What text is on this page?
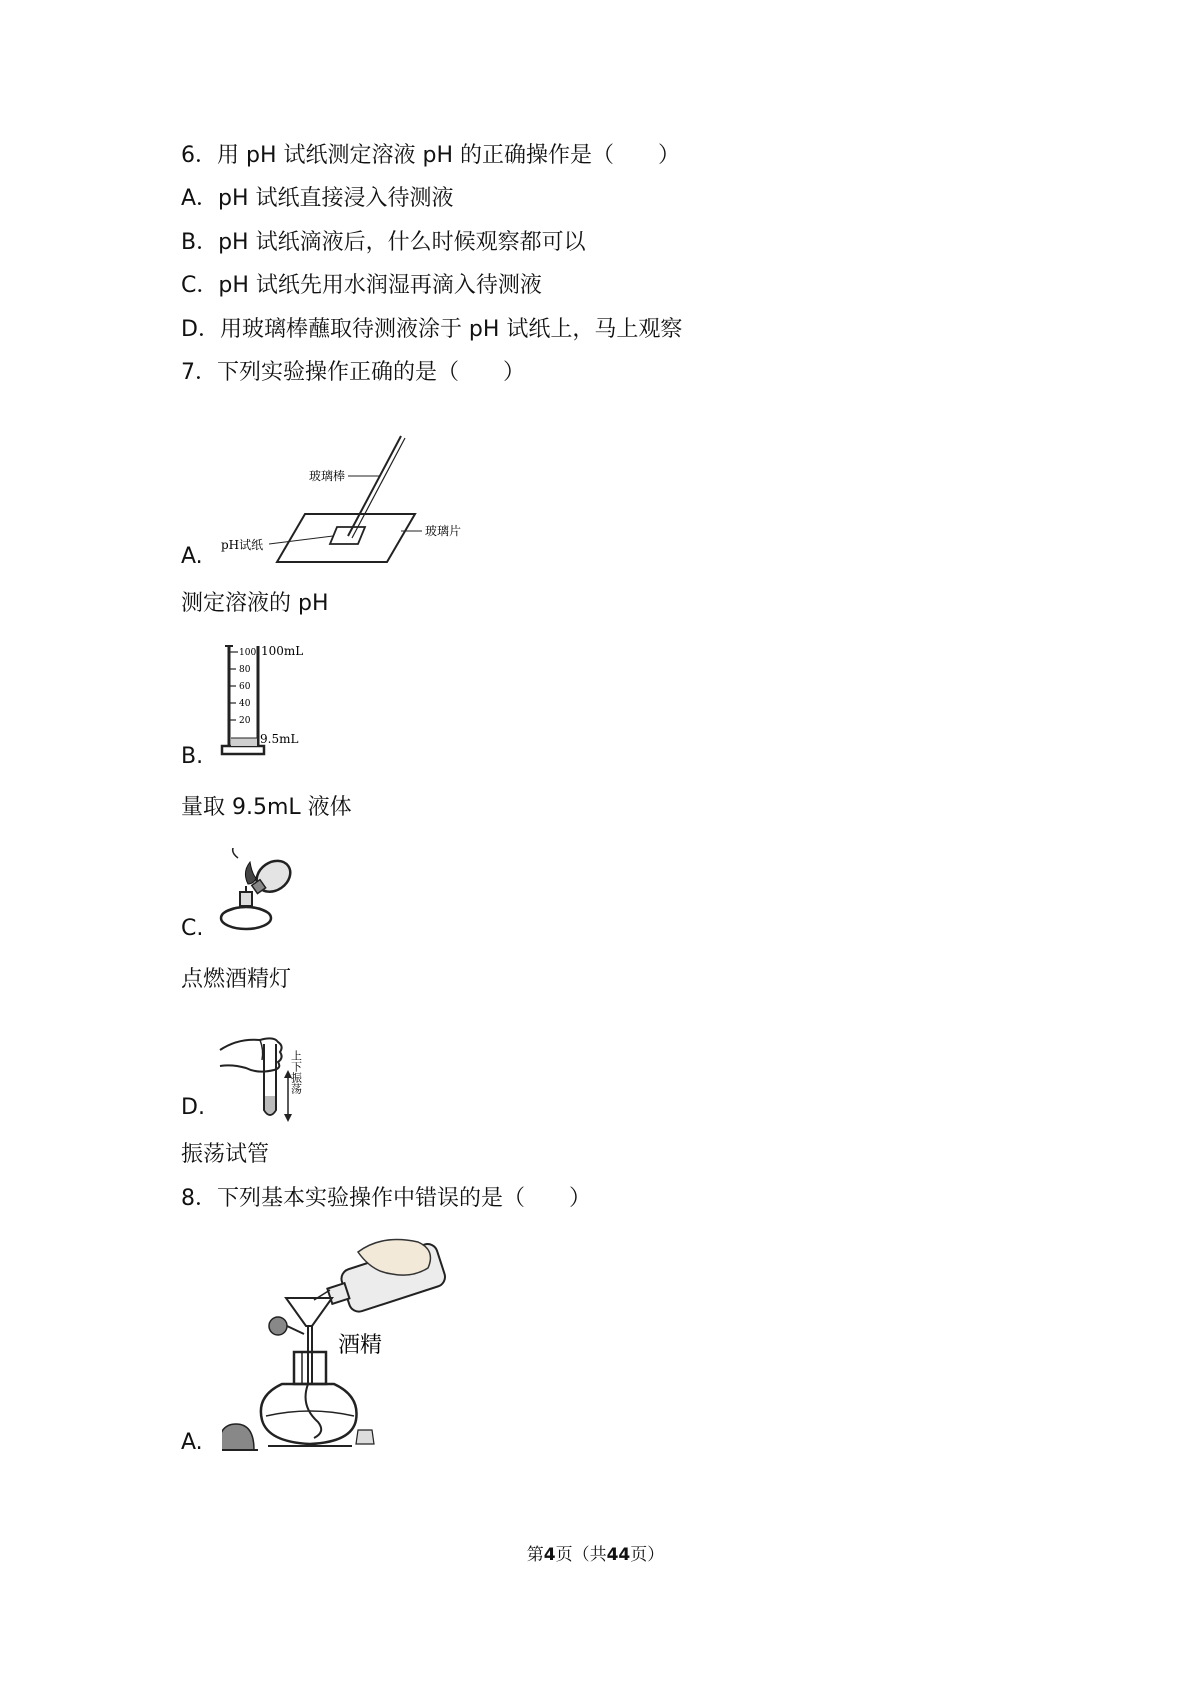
6．用 pH 试纸测定溶液 pH 的正确操作是（　　）
A．pH 试纸直接浸入待测液
B．pH 试纸滴液后，什么时候观察都可以
C．pH 试纸先用水润湿再滴入待测液
D．用玻璃棒蘸取待测液涂于 pH 试纸上，马上观察
7．下列实验操作正确的是（　　）
玻璃棒
玻璃片
pH试纸
A.
测定溶液的 pH
100
80
60
40
20
100mL
9.5mL
B.
量取 9.5mL 液体
C.
点燃酒精灯
上下振荡
D.
振荡试管
8．下列基本实验操作中错误的是（　　）
酒精
A.
第4页（共44页）
